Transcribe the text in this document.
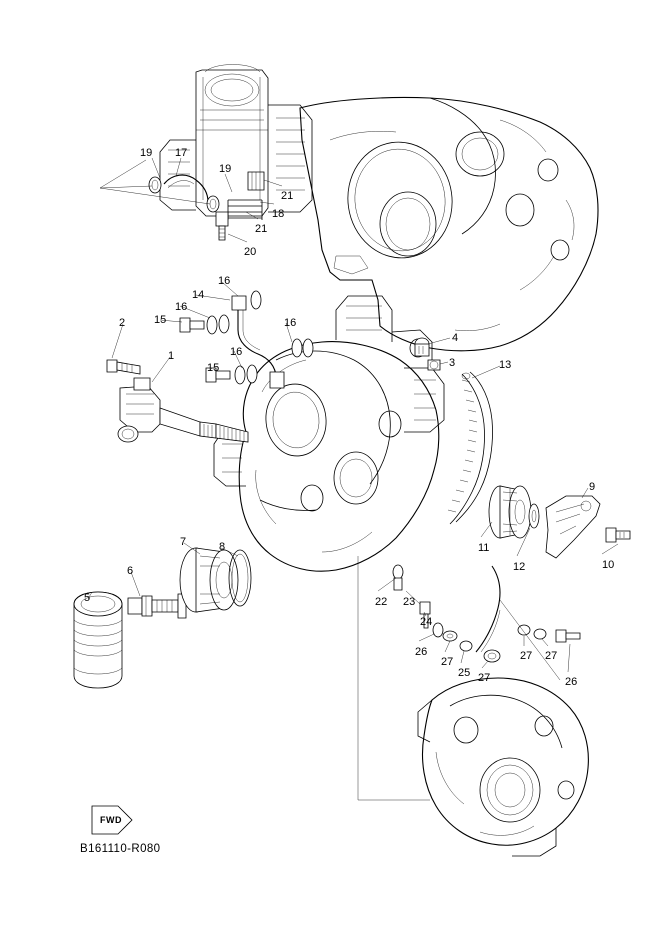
19 17
19
21
18
21
20
16
14
16
15	16
2
16
1
15
4
3	13
9
10
11
12
8
7
6
5	22 23
24
26
27
25 27
27 27
26
FWD
B161110-R080
